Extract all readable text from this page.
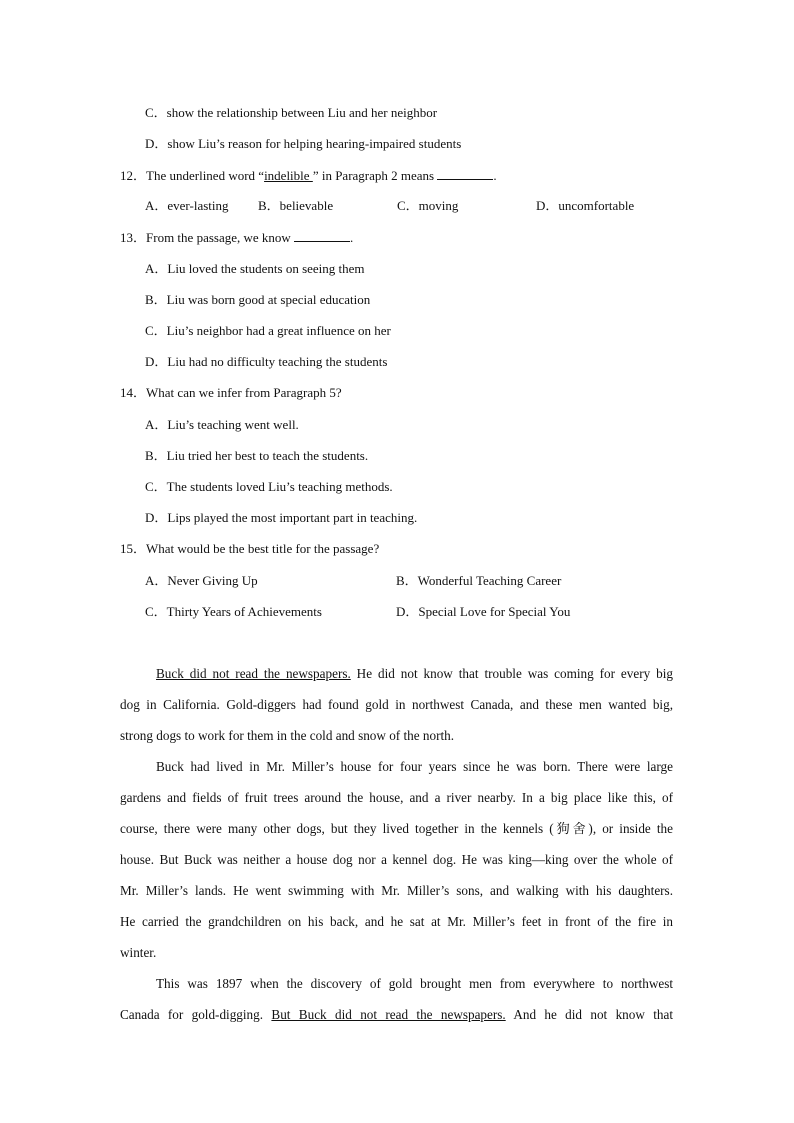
C．show the relationship between Liu and her neighbor
D．show Liu’s reason for helping hearing-impaired students
12．The underlined word “indelible ” in Paragraph 2 means	.
A．ever-lasting B．believable	C．moving	D．uncomfortable
13．From the passage, we know	.
A．Liu loved the students on seeing them
B．Liu was born good at special education
C．Liu’s neighbor had a great influence on her
D．Liu had no difficulty teaching the students
14．What can we infer from Paragraph 5?
A．Liu’s teaching went well.
B．Liu tried her best to teach the students.
C．The students loved Liu’s teaching methods.
D．Lips played the most important part in teaching.
15．What would be the best title for the passage?
A．Never Giving Up	B．Wonderful Teaching Career
C．Thirty Years of Achievements	D．Special Love for Special You
Buck did not read the newspapers. He did not know that trouble was coming for every big
dog in California. Gold-diggers had found gold in northwest Canada, and these men wanted big,
strong dogs to work for them in the cold and snow of the north.
Buck had lived in Mr. Miller’s house for four years since he was born. There were large
gardens and fields of fruit trees around the house, and a river nearby. In a big place like this, of
course, there were many other dogs, but they lived together in the kennels (狗舍), or inside the
house. But Buck was neither a house dog nor a kennel dog. He was king—king over the whole of
Mr. Miller’s lands. He went swimming with Mr. Miller’s sons, and walking with his daughters.
He carried the grandchildren on his back, and he sat at Mr. Miller’s feet in front of the fire in
winter.
This was 1897 when the discovery of gold brought men from everywhere to northwest
Canada for gold-digging. But Buck did not read the newspapers. And he did not know that
